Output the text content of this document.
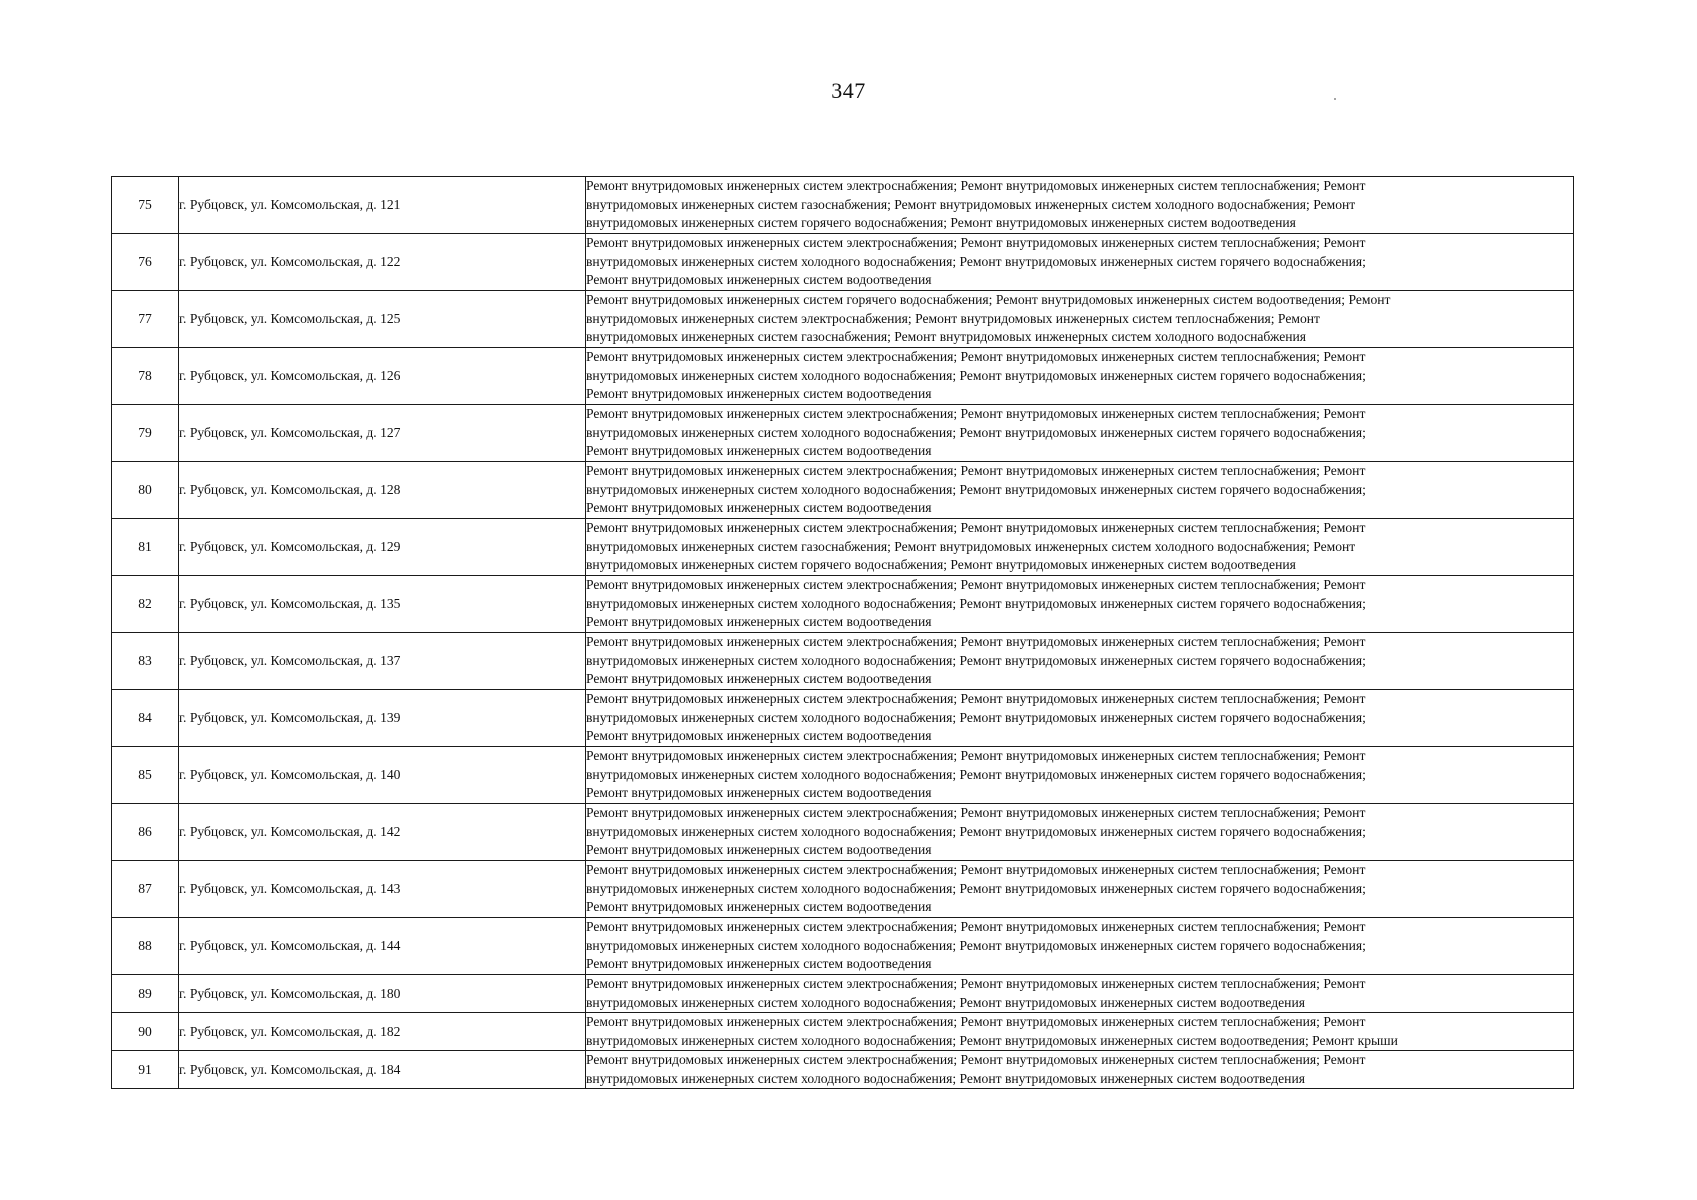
347
75	г. Рубцовск, ул. Комсомольская, д. 121	Ремонт внутридомовых инженерных систем электроснабжения; Ремонт внутридомовых инженерных систем теплоснабжения; Ремонт
внутридомовых инженерных систем газоснабжения; Ремонт внутридомовых инженерных систем холодного водоснабжения; Ремонт
внутридомовых инженерных систем горячего водоснабжения; Ремонт внутридомовых инженерных систем водоотведения

76	г. Рубцовск, ул. Комсомольская, д. 122	Ремонт внутридомовых инженерных систем электроснабжения; Ремонт внутридомовых инженерных систем теплоснабжения; Ремонт
внутридомовых инженерных систем холодного водоснабжения; Ремонт внутридомовых инженерных систем горячего водоснабжения;
Ремонт внутридомовых инженерных систем водоотведения

77	г. Рубцовск, ул. Комсомольская, д. 125	Ремонт внутридомовых инженерных систем горячего водоснабжения; Ремонт внутридомовых инженерных систем водоотведения; Ремонт
внутридомовых инженерных систем электроснабжения; Ремонт внутридомовых инженерных систем теплоснабжения; Ремонт
внутридомовых инженерных систем газоснабжения; Ремонт внутридомовых инженерных систем холодного водоснабжения

78	г. Рубцовск, ул. Комсомольская, д. 126	Ремонт внутридомовых инженерных систем электроснабжения; Ремонт внутридомовых инженерных систем теплоснабжения; Ремонт
внутридомовых инженерных систем холодного водоснабжения; Ремонт внутридомовых инженерных систем горячего водоснабжения;
Ремонт внутридомовых инженерных систем водоотведения

79	г. Рубцовск, ул. Комсомольская, д. 127	Ремонт внутридомовых инженерных систем электроснабжения; Ремонт внутридомовых инженерных систем теплоснабжения; Ремонт
внутридомовых инженерных систем холодного водоснабжения; Ремонт внутридомовых инженерных систем горячего водоснабжения;
Ремонт внутридомовых инженерных систем водоотведения

80	г. Рубцовск, ул. Комсомольская, д. 128	Ремонт внутридомовых инженерных систем электроснабжения; Ремонт внутридомовых инженерных систем теплоснабжения; Ремонт
внутридомовых инженерных систем холодного водоснабжения; Ремонт внутридомовых инженерных систем горячего водоснабжения;
Ремонт внутридомовых инженерных систем водоотведения

81	г. Рубцовск, ул. Комсомольская, д. 129	Ремонт внутридомовых инженерных систем электроснабжения; Ремонт внутридомовых инженерных систем теплоснабжения; Ремонт
внутридомовых инженерных систем газоснабжения; Ремонт внутридомовых инженерных систем холодного водоснабжения; Ремонт
внутридомовых инженерных систем горячего водоснабжения; Ремонт внутридомовых инженерных систем водоотведения

82	г. Рубцовск, ул. Комсомольская, д. 135	Ремонт внутридомовых инженерных систем электроснабжения; Ремонт внутридомовых инженерных систем теплоснабжения; Ремонт
внутридомовых инженерных систем холодного водоснабжения; Ремонт внутридомовых инженерных систем горячего водоснабжения;
Ремонт внутридомовых инженерных систем водоотведения

83	г. Рубцовск, ул. Комсомольская, д. 137	Ремонт внутридомовых инженерных систем электроснабжения; Ремонт внутридомовых инженерных систем теплоснабжения; Ремонт
внутридомовых инженерных систем холодного водоснабжения; Ремонт внутридомовых инженерных систем горячего водоснабжения;
Ремонт внутридомовых инженерных систем водоотведения

84	г. Рубцовск, ул. Комсомольская, д. 139	Ремонт внутридомовых инженерных систем электроснабжения; Ремонт внутридомовых инженерных систем теплоснабжения; Ремонт
внутридомовых инженерных систем холодного водоснабжения; Ремонт внутридомовых инженерных систем горячего водоснабжения;
Ремонт внутридомовых инженерных систем водоотведения

85	г. Рубцовск, ул. Комсомольская, д. 140	Ремонт внутридомовых инженерных систем электроснабжения; Ремонт внутридомовых инженерных систем теплоснабжения; Ремонт
внутридомовых инженерных систем холодного водоснабжения; Ремонт внутридомовых инженерных систем горячего водоснабжения;
Ремонт внутридомовых инженерных систем водоотведения

86	г. Рубцовск, ул. Комсомольская, д. 142	Ремонт внутридомовых инженерных систем электроснабжения; Ремонт внутридомовых инженерных систем теплоснабжения; Ремонт
внутридомовых инженерных систем холодного водоснабжения; Ремонт внутридомовых инженерных систем горячего водоснабжения;
Ремонт внутридомовых инженерных систем водоотведения

87	г. Рубцовск, ул. Комсомольская, д. 143	Ремонт внутридомовых инженерных систем электроснабжения; Ремонт внутридомовых инженерных систем теплоснабжения; Ремонт
внутридомовых инженерных систем холодного водоснабжения; Ремонт внутридомовых инженерных систем горячего водоснабжения;
Ремонт внутридомовых инженерных систем водоотведения

88	г. Рубцовск, ул. Комсомольская, д. 144	Ремонт внутридомовых инженерных систем электроснабжения; Ремонт внутридомовых инженерных систем теплоснабжения; Ремонт
внутридомовых инженерных систем холодного водоснабжения; Ремонт внутридомовых инженерных систем горячего водоснабжения;
Ремонт внутридомовых инженерных систем водоотведения

89	г. Рубцовск, ул. Комсомольская, д. 180	Ремонт внутридомовых инженерных систем электроснабжения; Ремонт внутридомовых инженерных систем теплоснабжения; Ремонт
внутридомовых инженерных систем холодного водоснабжения; Ремонт внутридомовых инженерных систем водоотведения

90	г. Рубцовск, ул. Комсомольская, д. 182	Ремонт внутридомовых инженерных систем электроснабжения; Ремонт внутридомовых инженерных систем теплоснабжения; Ремонт
внутридомовых инженерных систем холодного водоснабжения; Ремонт внутридомовых инженерных систем водоотведения; Ремонт крыши

91	г. Рубцовск, ул. Комсомольская, д. 184	Ремонт внутридомовых инженерных систем электроснабжения; Ремонт внутридомовых инженерных систем теплоснабжения; Ремонт
внутридомовых инженерных систем холодного водоснабжения; Ремонт внутридомовых инженерных систем водоотведения
